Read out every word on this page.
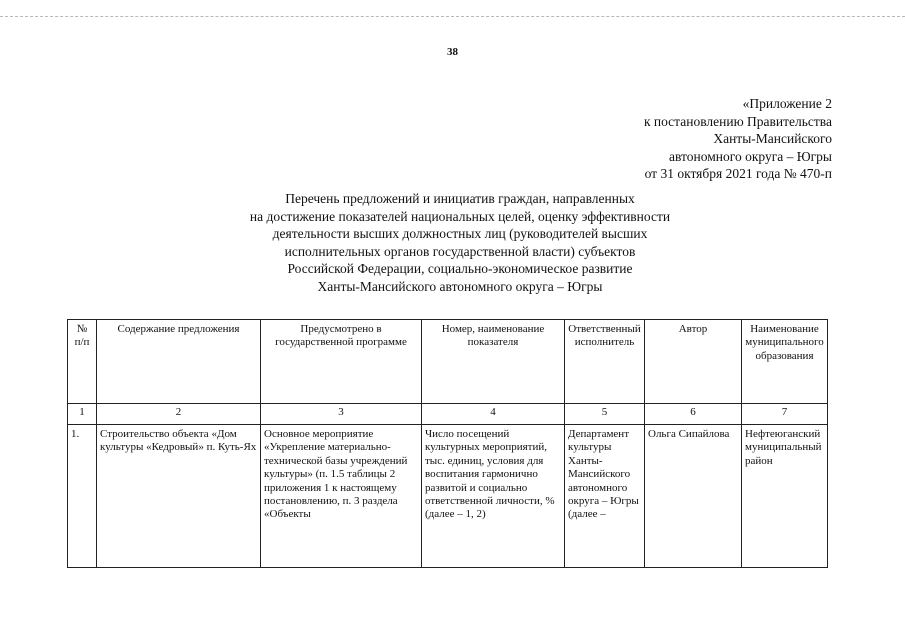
38
«Приложение 2
к постановлению Правительства
Ханты-Мансийского
автономного округа – Югры
от 31 октября 2021 года № 470-п
Перечень предложений и инициатив граждан, направленных
на достижение показателей национальных целей, оценку эффективности
деятельности высших должностных лиц (руководителей высших
исполнительных органов государственной власти) субъектов
Российской Федерации, социально-экономическое развитие
Ханты-Мансийского автономного округа – Югры
№ п/п	Содержание предложения	Предусмотрено в государственной программе	Номер, наименование показателя	Ответственный исполнитель	Автор	Наименование муниципального образования
1	2	3	4	5	6	7

1.	Строительство объекта «Дом культуры «Кедровый» п. Куть-Ях	Основное мероприятие «Укрепление материально-технической базы учреждений культуры» (п. 1.5 таблицы 2 приложения 1 к настоящему постановлению, п. 3 раздела «Объекты	Число посещений культурных мероприятий, тыс. единиц, условия для воспитания гармонично развитой и социально ответственной личности, % (далее – 1, 2)	Департамент культуры Ханты-Мансийского автономного округа – Югры (далее –	Ольга Сипайлова	Нефтеюганский муниципальный район
